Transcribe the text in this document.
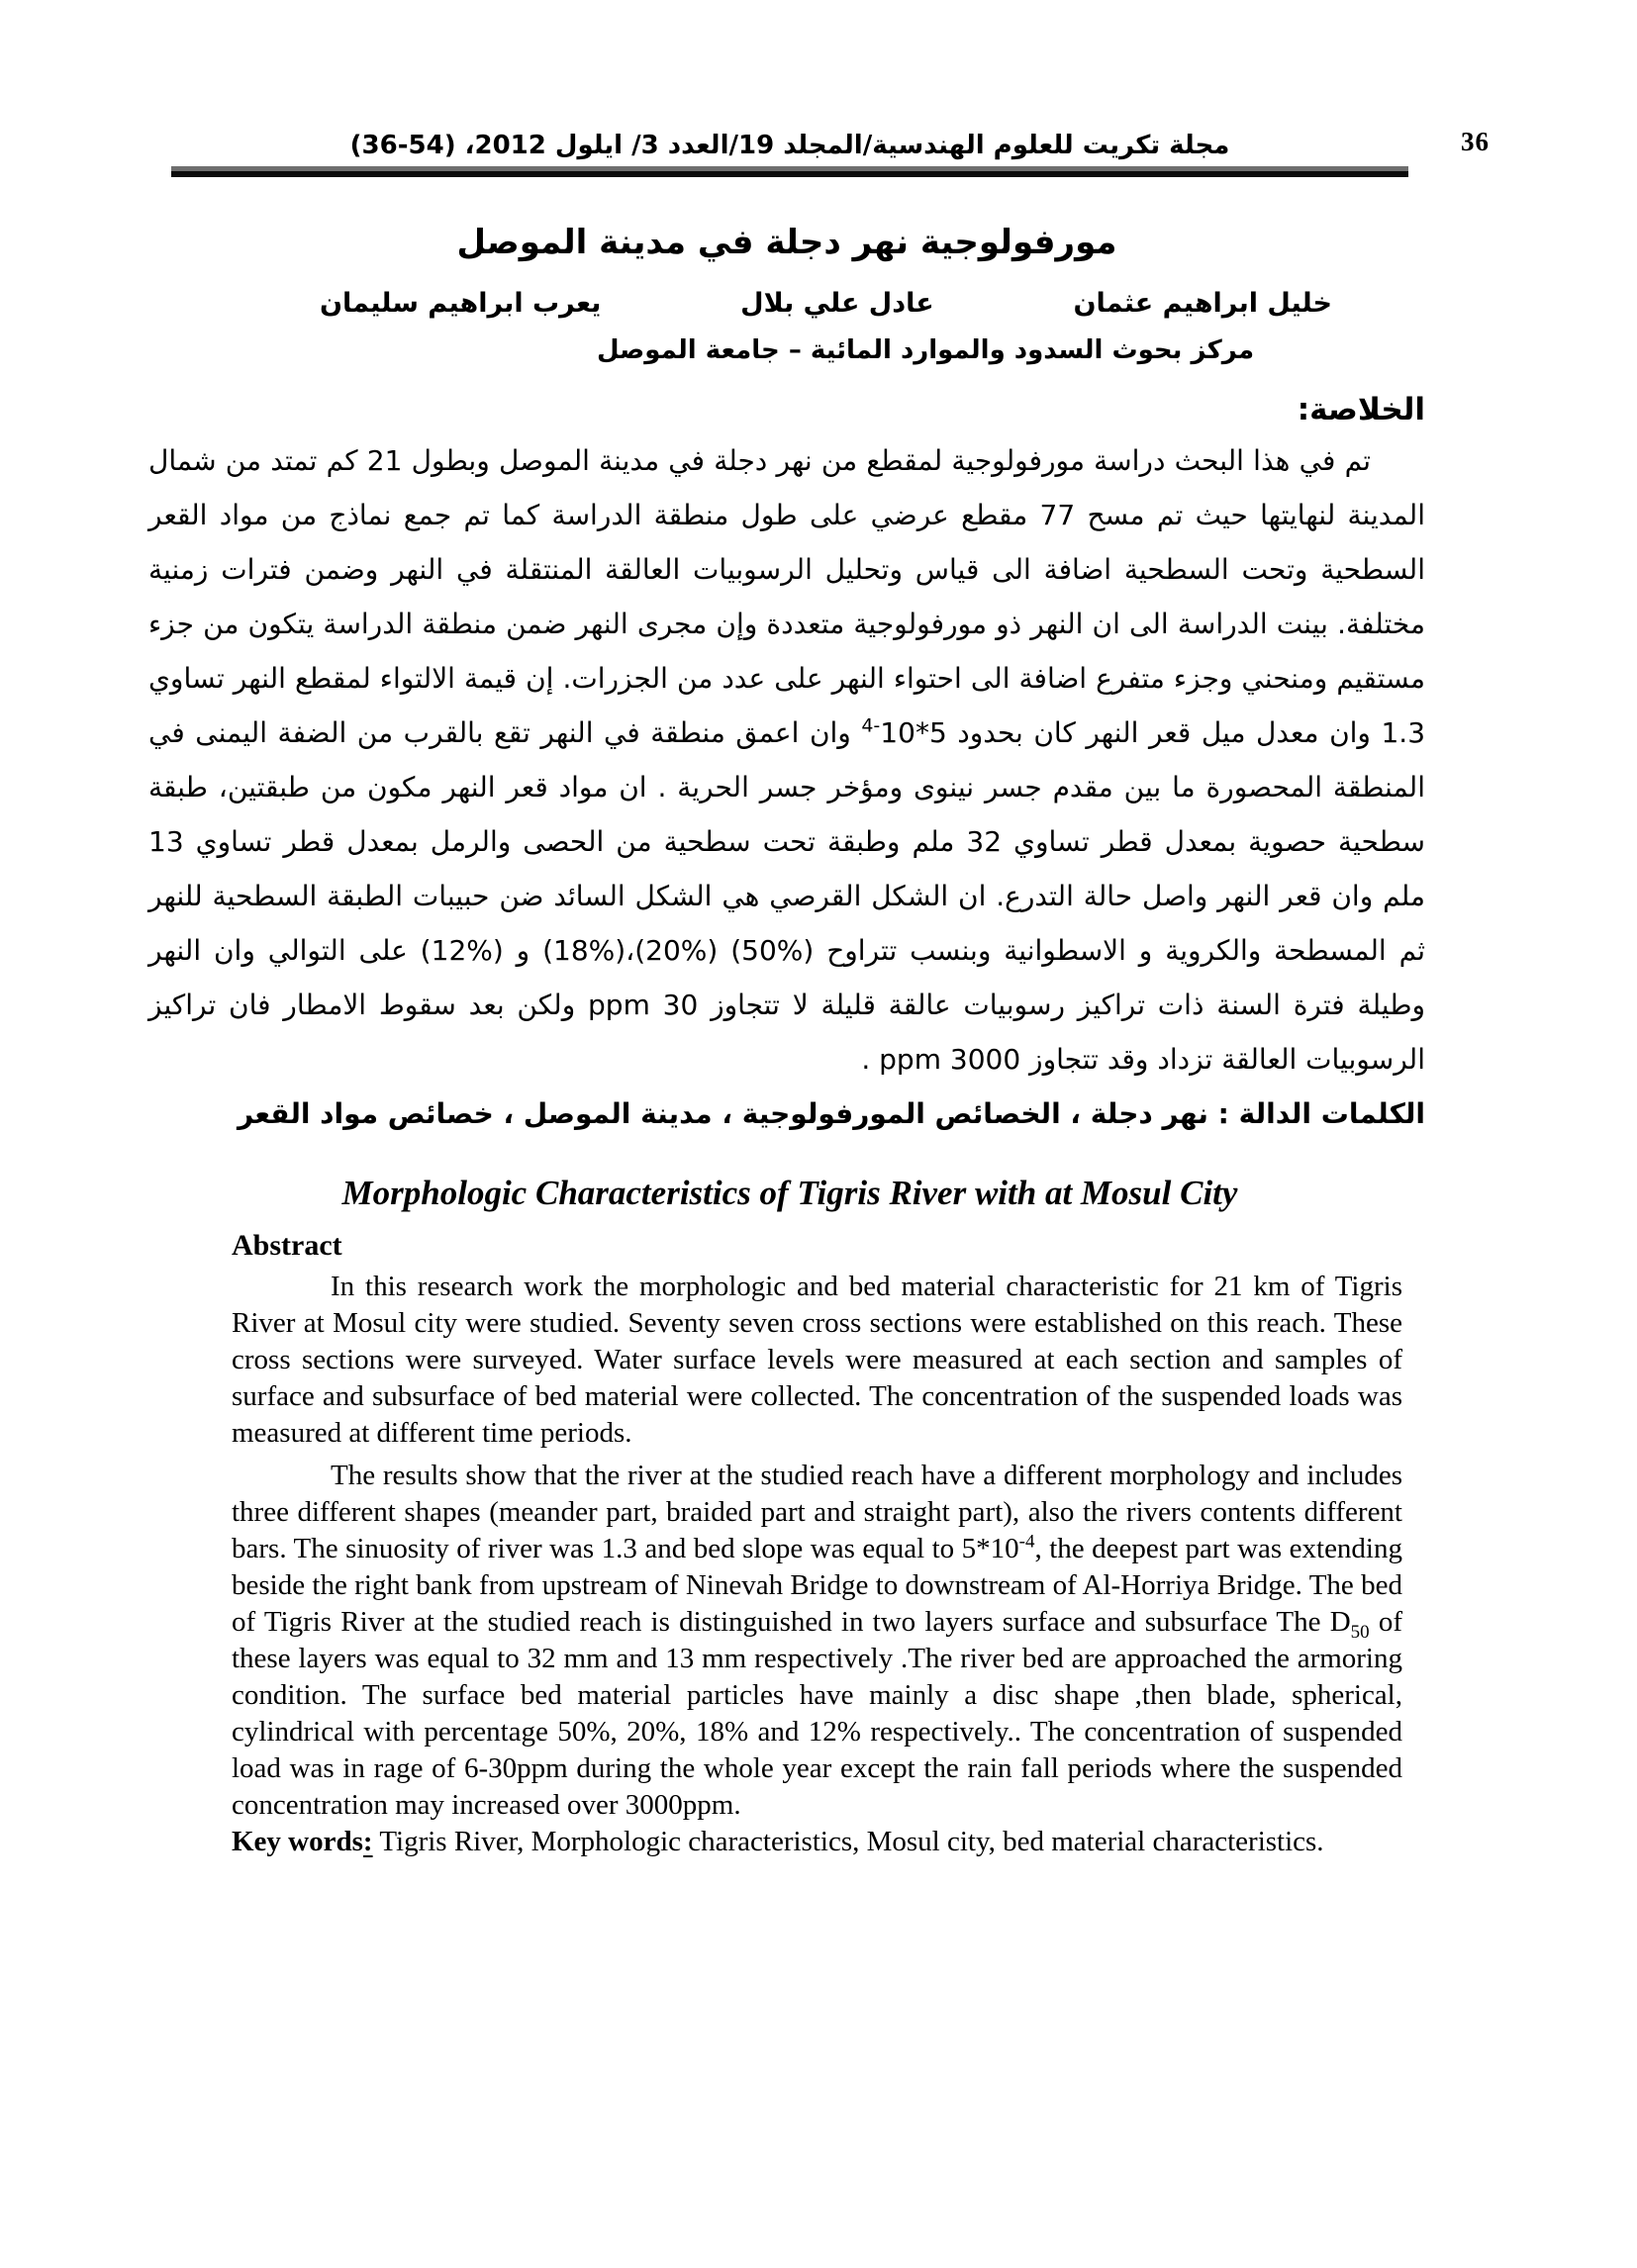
36
مجلة تكريت للعلوم الهندسية/المجلد 19/العدد 3/ ايلول 2012، (54-36)
مورفولوجية نهر دجلة في مدينة الموصل
خليل ابراهيم عثمان
عادل علي بلال
يعرب ابراهيم سليمان
مركز بحوث السدود والموارد المائية – جامعة الموصل
الخلاصة:

تم في هذا البحث دراسة مورفولوجية لمقطع من نهر دجلة في مدينة الموصل وبطول 21 كم تمتد من شمال المدينة لنهايتها حيث تم مسح 77 مقطع عرضي على طول منطقة الدراسة كما تم جمع نماذج من مواد القعر السطحية وتحت السطحية اضافة الى قياس وتحليل الرسوبيات العالقة المنتقلة في النهر وضمن فترات زمنية مختلفة. بينت الدراسة الى ان النهر ذو مورفولوجية متعددة وإن مجرى النهر ضمن منطقة الدراسة يتكون من جزء مستقيم ومنحني وجزء متفرع اضافة الى احتواء النهر على عدد من الجزرات. إن قيمة الالتواء لمقطع النهر تساوي 1.3 وان معدل ميل قعر النهر كان بحدود $5*10^{4-}$ وان اعمق منطقة في النهر تقع بالقرب من الضفة اليمنى في المنطقة المحصورة ما بين مقدم جسر نينوى ومؤخر جسر الحرية . ان مواد قعر النهر مكون من طبقتين، طبقة سطحية حصوية بمعدل قطر تساوي 32 ملم وطبقة تحت سطحية من الحصى والرمل بمعدل قطر تساوي 13 ملم وان قعر النهر واصل حالة التدرع. ان الشكل القرصي هي الشكل السائد ضن حبيبات الطبقة السطحية للنهر ثم المسطحة والكروية و الاسطوانية وبنسب تتراوح (%50) (%20)،(%18) و (%12) على التوالي وان النهر وطيلة فترة السنة ذات تراكيز رسوبيات عالقة قليلة لا تتجاوز 30 ppm ولكن بعد سقوط الامطار فان تراكيز الرسوبيات العالقة تزداد وقد تتجاوز 3000 ppm .

الكلمات الدالة : نهر دجلة ، الخصائص المورفولوجية ، مدينة الموصل ، خصائص مواد القعر

Morphologic Characteristics of Tigris River with at Mosul City
Abstract

In this research work the morphologic and bed material characteristic for 21 km of Tigris River at Mosul city were studied. Seventy seven cross sections were established on this reach. These cross sections were surveyed. Water surface levels were measured at each section and samples of surface and subsurface of bed material were collected. The concentration of the suspended loads was measured at different time periods.

The results show that the river at the studied reach have a different morphology and includes three different shapes (meander part, braided part and straight part), also the rivers contents different bars. The sinuosity of river was 1.3 and bed slope was equal to $5*10^{-4}$, the deepest part was extending beside the right bank from upstream of Ninevah Bridge to downstream of Al-Horriya Bridge. The bed of Tigris River at the studied reach is distinguished in two layers surface and subsurface The $D_{50}$ of these layers was equal to 32 mm and 13 mm respectively .The river bed are approached the armoring condition. The surface bed material particles have mainly a disc shape ,then blade, spherical, cylindrical with percentage 50%, 20%, 18% and 12% respectively.. The concentration of suspended load was in rage of 6-30ppm during the whole year except the rain fall periods where the suspended concentration may increased over 3000ppm.

Key words: Tigris River, Morphologic characteristics, Mosul city, bed material characteristics.
